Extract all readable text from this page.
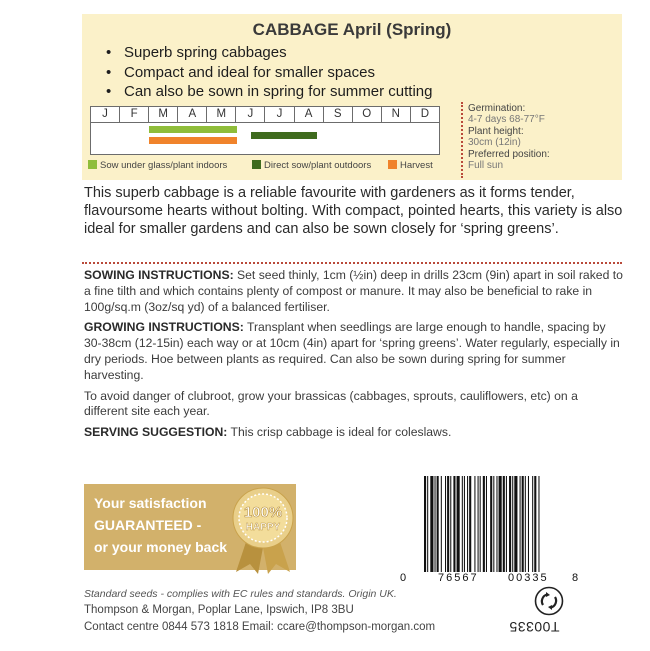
CABBAGE April (Spring)
• Superb spring cabbages
• Compact and ideal for smaller spaces
• Can also be sown in spring for summer cutting
J	F	M	A	M	J	J	A	S	O	N	D
Sow under glass/plant indoors	Direct sow/plant outdoors	Harvest
Germination:
4-7 days 68-77°F
Plant height:
30cm (12in)
Preferred position:
Full sun

This superb cabbage is a reliable favourite with gardeners as it forms tender, flavoursome hearts without bolting. With compact, pointed hearts, this variety is also ideal for smaller gardens and can also be sown closely for ‘spring greens’.

SOWING INSTRUCTIONS: Set seed thinly, 1cm (½in) deep in drills 23cm (9in) apart in soil raked to a fine tilth and which contains plenty of compost or manure. It may also be beneficial to rake in 100g/sq.m (3oz/sq yd) of a balanced fertiliser.

GROWING INSTRUCTIONS: Transplant when seedlings are large enough to handle, spacing by 30-38cm (12-15in) each way or at 10cm (4in) apart for ‘spring greens’. Water regularly, especially in dry periods. Hoe between plants as required. Can also be sown during spring for summer harvesting.

To avoid danger of clubroot, grow your brassicas (cabbages, sprouts, cauliflowers, etc) on a different site each year.

SERVING SUGGESTION: This crisp cabbage is ideal for coleslaws.

Your satisfaction
GUARANTEED -
or your money back
100%
HAPPY
0	76567	00335 8
Standard seeds - complies with EC rules and standards. Origin UK.
Thompson & Morgan, Poplar Lane, Ipswich, IP8 3BU
Contact centre 0844 573 1818 Email: ccare@thompson-morgan.com	T00335
